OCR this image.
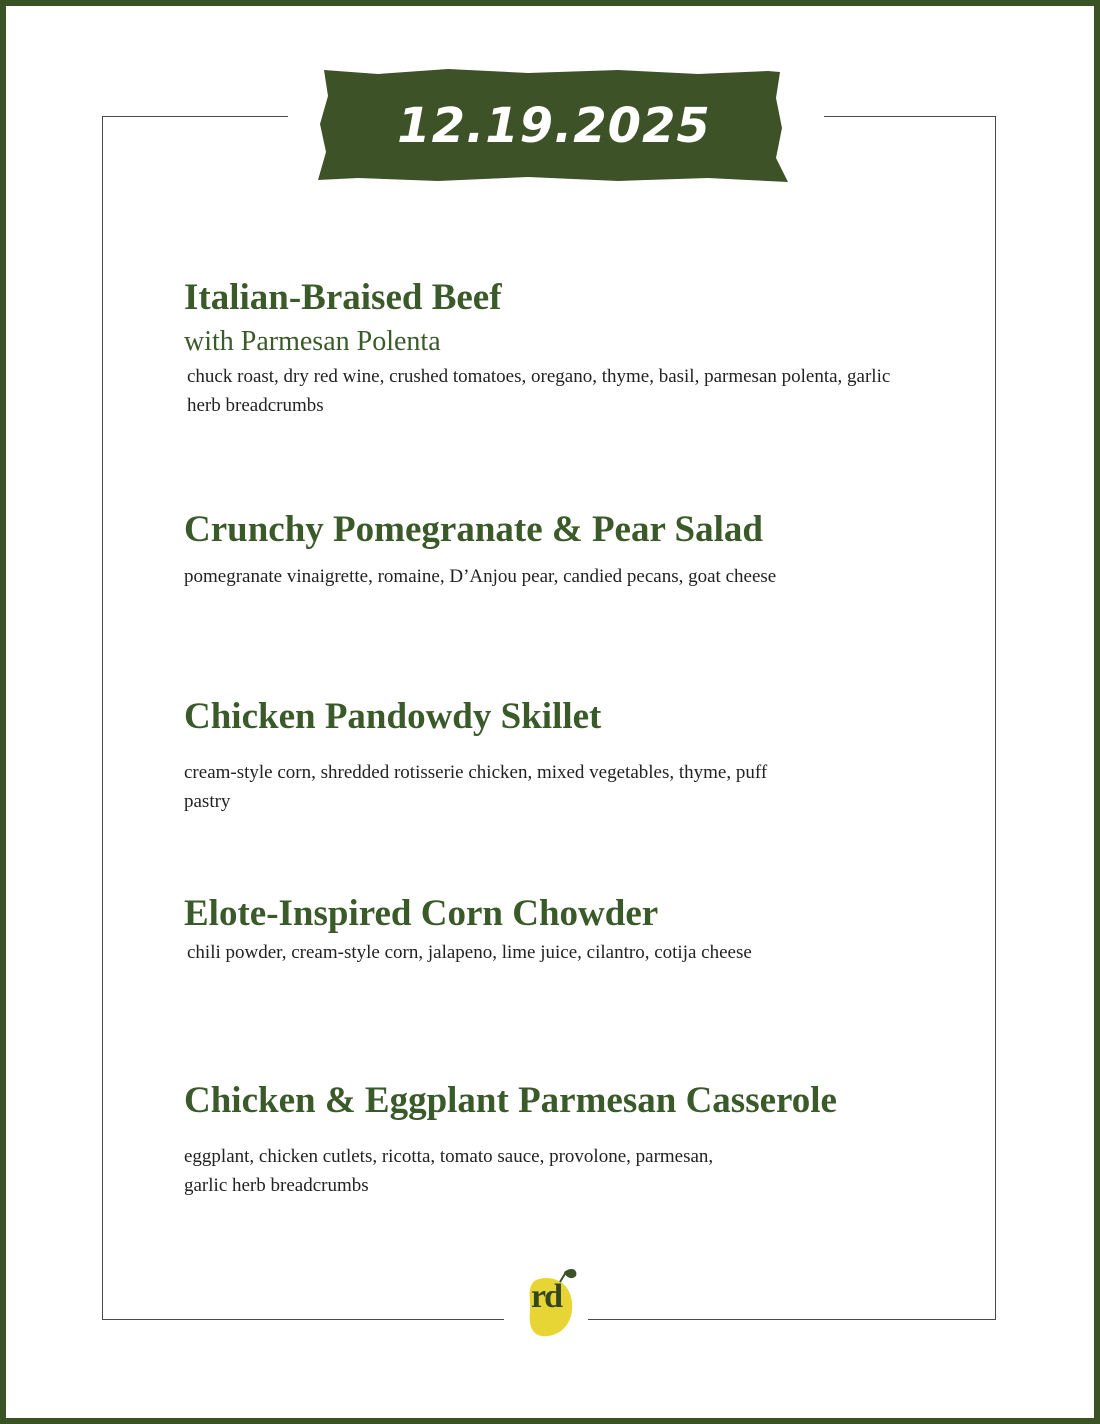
12.19.2025
Italian-Braised Beef
with Parmesan Polenta
chuck roast, dry red wine, crushed tomatoes, oregano, thyme, basil, parmesan polenta, garlic herb breadcrumbs
Crunchy Pomegranate & Pear Salad
pomegranate vinaigrette, romaine, D’Anjou pear, candied pecans, goat cheese
Chicken Pandowdy Skillet
cream-style corn, shredded rotisserie chicken, mixed vegetables, thyme, puff pastry
Elote-Inspired Corn Chowder
chili powder, cream-style corn, jalapeno, lime juice, cilantro, cotija cheese
Chicken & Eggplant Parmesan Casserole
eggplant, chicken cutlets, ricotta, tomato sauce, provolone, parmesan, garlic herb breadcrumbs
rd
